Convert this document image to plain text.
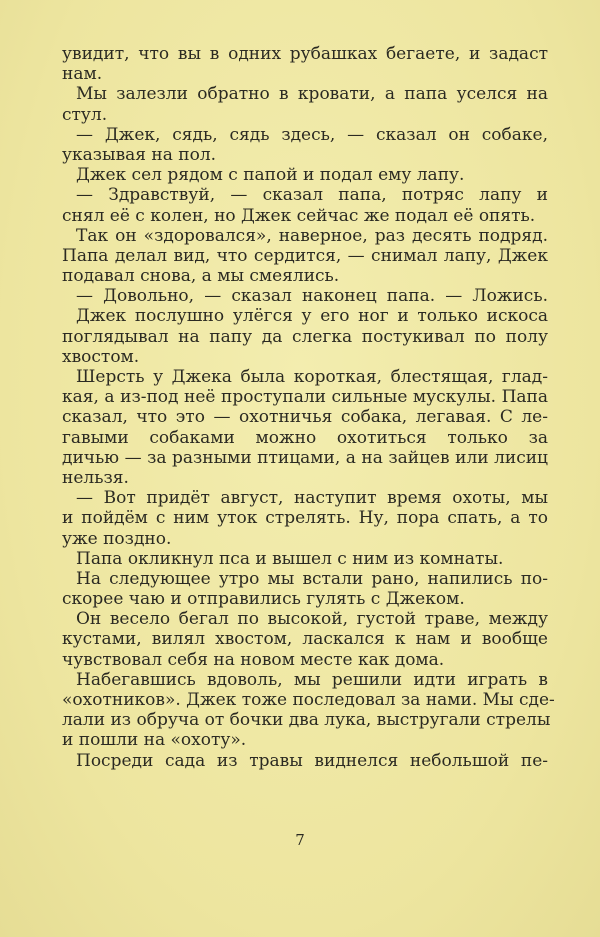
увидит, что вы в одних рубашках бегаете, и задаст
нам.
Мы залезли обратно в кровати, а папа уселся на
стул.
— Джек, сядь, сядь здесь, — сказал он собаке,
указывая на пол.
Джек сел рядом с папой и подал ему лапу.
— Здравствуй, — сказал папа, потряс лапу и
снял её с колен, но Джек сейчас же подал её опять.
Так он «здоровался», наверное, раз десять подряд.
Папа делал вид, что сердится, — снимал лапу, Джек
подавал снова, а мы смеялись.
— Довольно, — сказал наконец папа. — Ложись.
Джек послушно улёгся у его ног и только искоса
поглядывал на папу да слегка постукивал по полу
хвостом.
Шерсть у Джека была короткая, блестящая, глад-
кая, а из-под неё проступали сильные мускулы. Папа
сказал, что это — охотничья собака, легавая. С ле-
гавыми собаками можно охотиться только за
дичью — за разными птицами, а на зайцев или лисиц
нельзя.
— Вот придёт август, наступит время охоты, мы
и пойдём с ним уток стрелять. Ну, пора спать, а то
уже поздно.
Папа окликнул пса и вышел с ним из комнаты.
На следующее утро мы встали рано, напились по-
скорее чаю и отправились гулять с Джеком.
Он весело бегал по высокой, густой траве, между
кустами, вилял хвостом, ласкался к нам и вообще
чувствовал себя на новом месте как дома.
Набегавшись вдоволь, мы решили идти играть в
«охотников». Джек тоже последовал за нами. Мы сде-
лали из обруча от бочки два лука, выстругали стрелы
и пошли на «охоту».
Посреди сада из травы виднелся небольшой пе-
7
